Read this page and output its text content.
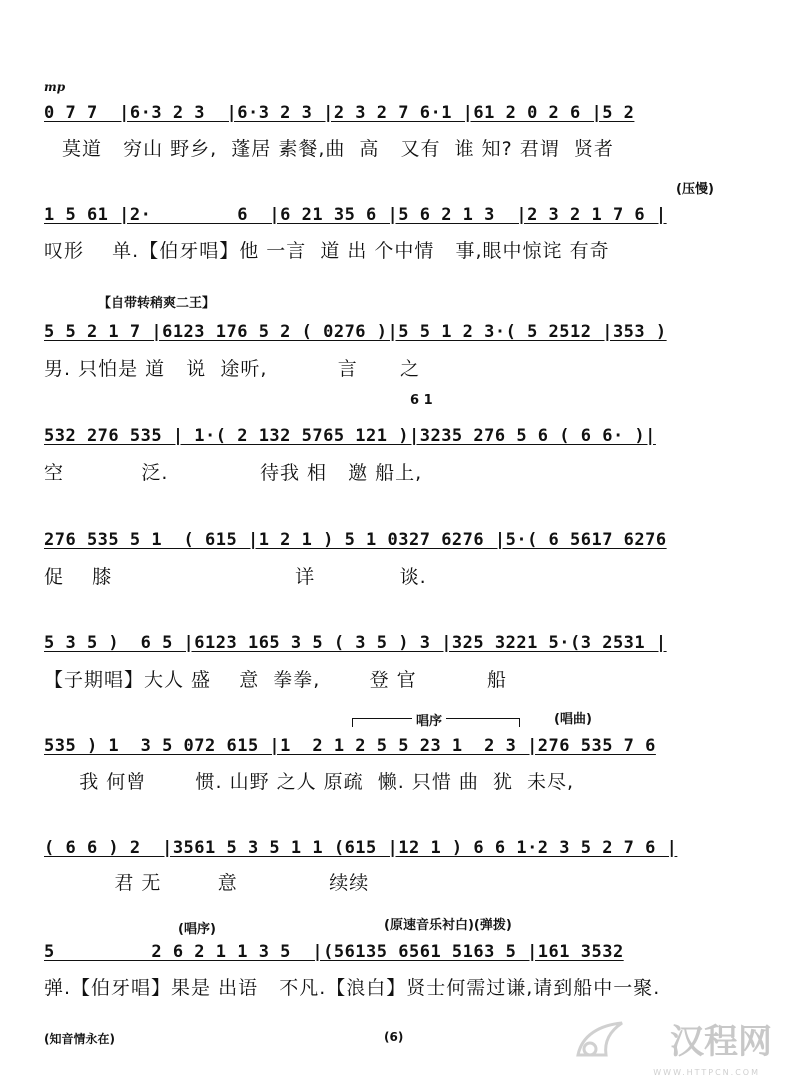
mp
0 7 7  |6·3 2 3  |6·3 2 3 |2 3 2 7 6·1 |61 2 0 2 6 |5 2
莫道   穷山 野乡,  蓬居 素餐,曲  高   又有  谁 知? 君谓  贤者
(压慢)
1 5 61 |2·        6  |6 21 35 6 |5 6 2 1 3  |2 3 2 1 7 6 |
叹形    单.【伯牙唱】他 一言  道 出 个中情   事,眼中惊诧 有奇
【自带转稍爽二王】
5 5 2 1 7 |6123 176 5 2 ( 0276 )|5 5 1 2 3·( 5 2512 |353 )
男. 只怕是 道   说  途听,          言      之
6 1
532 276 535 | 1·( 2 132 5765 121 )|3235 276 5 6 ( 6 6· )|
空           泛.             待我 相   邀 船上,
276 535 5 1  ( 615 |1 2 1 ) 5 1 0327 6276 |5·( 6 5617 6276
促    膝                          详            谈.
5 3 5 )  6 5 |6123 165 3 5 ( 3 5 ) 3 |325 3221 5·(3 2531 |
【子期唱】大人 盛    意  拳拳,       登 官          船
唱序	(唱曲)
535 ) 1  3 5 072 615 |1  2 1 2 5 5 23 1  2 3 |276 535 7 6
我 何曾       惯. 山野 之人 原疏  懒. 只惜 曲  犹  未尽,
( 6 6 ) 2  |3561 5 3 5 1 1 (615 |12 1 ) 6 6 1·2 3 5 2 7 6 |
君 无        意             续续
(唱序)	(原速音乐衬白)(弹拨)
5         2 6 2 1 1 3 5  |(56135 6561 5163 5 |161 3532
弹.【伯牙唱】果是 出语   不凡.【浪白】贤士何需过谦,请到船中一聚.
(知音情永在)	(6)	汉程网
WWW.HTTPCN.COM
